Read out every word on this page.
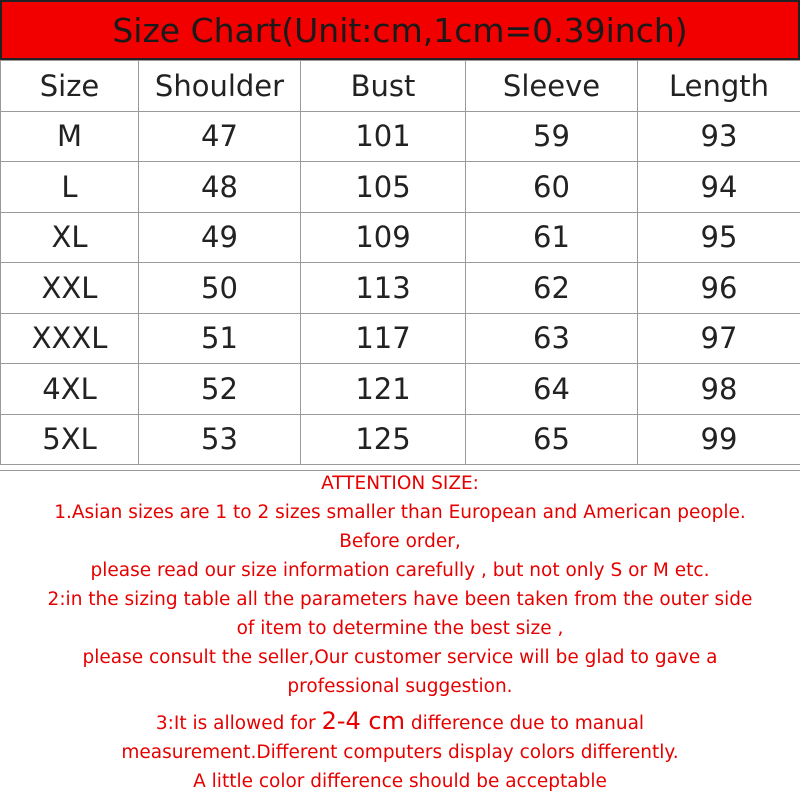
Size Chart(Unit:cm,1cm=0.39inch)
Size	Shoulder	Bust	Sleeve	Length
M	47	101	59	93
L	48	105	60	94
XL	49	109	61	95
XXL	50	113	62	96
XXXL	51	117	63	97
4XL	52	121	64	98
5XL	53	125	65	99
ATTENTION SIZE:
1.Asian sizes are 1 to 2 sizes smaller than European and American people.
Before order,
please read our size information carefully , but not only S or M etc.
2:in the sizing table all the parameters have been taken from the outer side
of item to determine the best size ,
please consult the seller,Our customer service will be glad to gave a
professional suggestion.
3:It is allowed for 2-4 cm difference due to manual
measurement.Different computers display colors differently.
A little color difference should be acceptable
